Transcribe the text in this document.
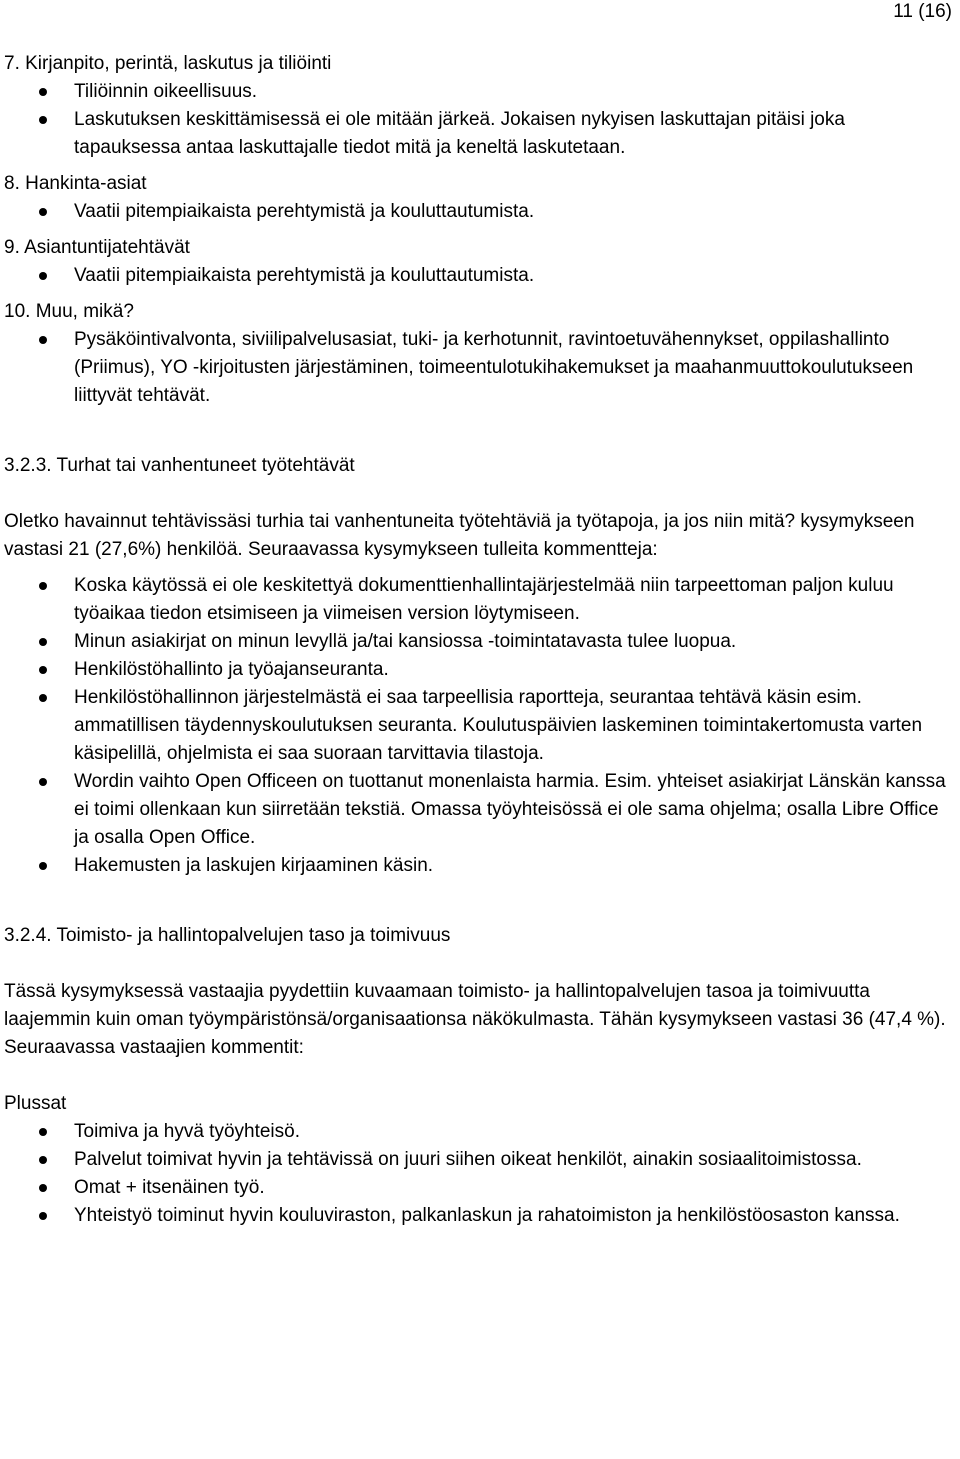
11 (16)

7. Kirjanpito, perintä, laskutus ja tiliöinti

Tiliöinnin oikeellisuus.
Laskutuksen keskittämisessä ei ole mitään järkeä. Jokaisen nykyisen laskuttajan pitäisi joka tapauksessa antaa laskuttajalle tiedot mitä ja keneltä laskutetaan.

8. Hankinta-asiat

Vaatii pitempiaikaista perehtymistä ja kouluttautumista.

9. Asiantuntijatehtävät

Vaatii pitempiaikaista perehtymistä ja kouluttautumista.

10. Muu, mikä?

Pysäköintivalvonta, siviilipalvelusasiat, tuki- ja kerhotunnit, ravintoetuvähennykset, oppilashallinto (Priimus), YO -kirjoitusten järjestäminen, toimeentulotukihakemukset ja maahanmuuttokoulutukseen liittyvät tehtävät.

3.2.3. Turhat tai vanhentuneet työtehtävät

Oletko havainnut tehtävissäsi turhia tai vanhentuneita työtehtäviä ja työtapoja, ja jos niin mitä? kysymykseen vastasi 21 (27,6%) henkilöä. Seuraavassa kysymykseen tulleita kommentteja:

Koska käytössä ei ole keskitettyä dokumenttienhallintajärjestelmää niin tarpeettoman paljon kuluu työaikaa tiedon etsimiseen ja viimeisen version löytymiseen.
Minun asiakirjat on minun levyllä ja/tai kansiossa -toimintatavasta tulee luopua.
Henkilöstöhallinto ja työajanseuranta.
Henkilöstöhallinnon järjestelmästä ei saa tarpeellisia raportteja, seurantaa tehtävä käsin esim. ammatillisen täydennyskoulutuksen seuranta. Koulutuspäivien laskeminen toimintakertomusta varten käsipelillä, ohjelmista ei saa suoraan tarvittavia tilastoja.
Wordin vaihto Open Officeen on tuottanut monenlaista harmia. Esim. yhteiset asiakirjat Länskän kanssa ei toimi ollenkaan kun siirretään tekstiä. Omassa työyhteisössä ei ole sama ohjelma; osalla Libre Office ja osalla Open Office.
Hakemusten ja laskujen kirjaaminen käsin.

3.2.4. Toimisto- ja hallintopalvelujen taso ja toimivuus

Tässä kysymyksessä vastaajia pyydettiin kuvaamaan toimisto- ja hallintopalvelujen tasoa ja toimivuutta laajemmin kuin oman työympäristönsä/organisaationsa näkökulmasta. Tähän kysymykseen vastasi 36 (47,4 %). Seuraavassa vastaajien kommentit:

Plussat

Toimiva ja hyvä työyhteisö.
Palvelut toimivat hyvin ja tehtävissä on juuri siihen oikeat henkilöt, ainakin sosiaalitoimistossa.
Omat + itsenäinen työ.
Yhteistyö toiminut hyvin kouluviraston, palkanlaskun ja rahatoimiston ja henkilöstöosaston kanssa.
